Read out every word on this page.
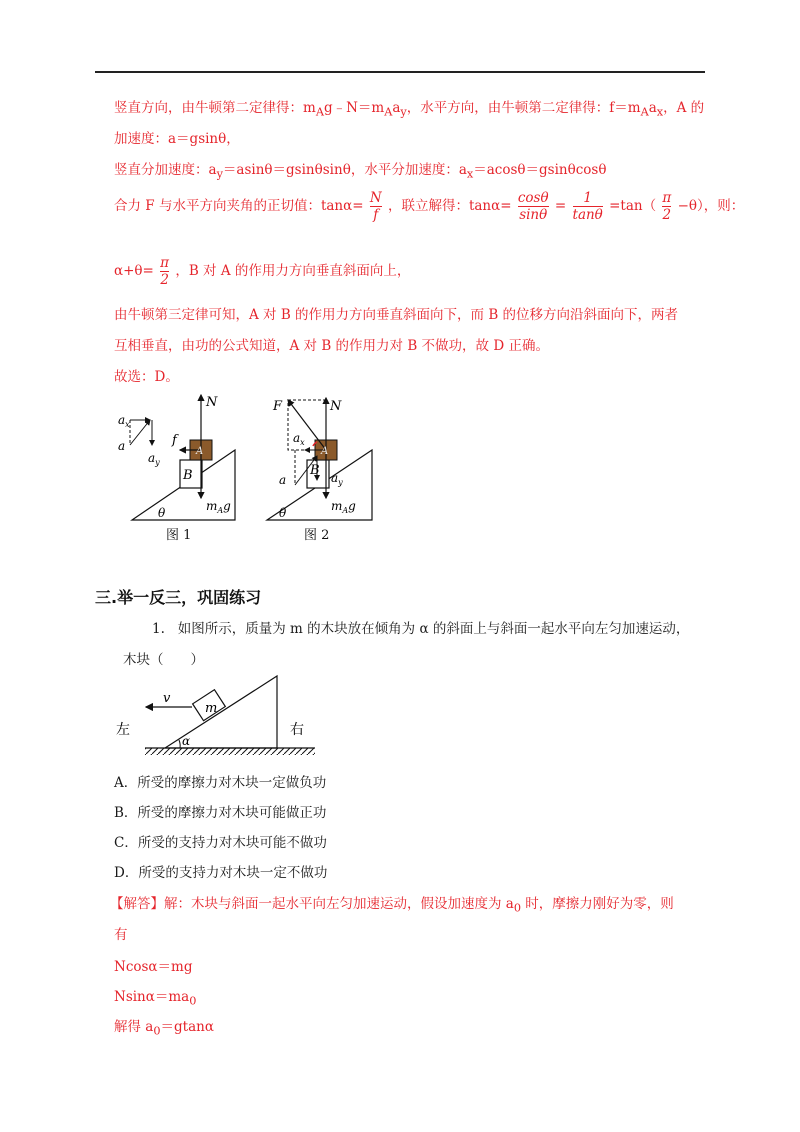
竖直方向，由牛顿第二定律得：$m_Ag﹣N=m_Aa_y$，水平方向，由牛顿第二定律得：$f=m_Aa_x$，A 的
加速度：a＝gsinθ，
竖直分加速度：$a_y=asin\theta=gsin\theta\sin\theta$，水平分加速度：$a_x=acos\theta=gsin\theta\cos\theta$
合力 F 与水平方向夹角的正切值：$\tan\alpha= \frac{N}{f}$ ，联立解得：$\tan\alpha= \frac{\cos\theta}{\sin\theta} = \frac{1}{\tan\theta} =\tan( \frac{\pi}{2} -\theta)$，则：
$\alpha+\theta= \frac{\pi}{2}$ ，B 对 A 的作用力方向垂直斜面向上，
由牛顿第三定律可知，A 对 B 的作用力方向垂直斜面向下，而 B 的位移方向沿斜面向下，两者
互相垂直，由功的公式知道，A 对 B 的作用力对 B 不做功，故 D 正确。
故选：D。
N
f
$a_x$
a
$a_y$
B
A
$m_Ag$
θ
图 1
F	N
$a_x$
a	$a_y$
B
A
$m_Ag$
θ
图 2
三.举一反三，巩固练习
1. 如图所示，质量为 m 的木块放在倾角为 α 的斜面上与斜面一起水平向左匀加速运动，
木块（　　）
m
v
左	右
α
A．所受的摩擦力对木块一定做负功
B．所受的摩擦力对木块可能做正功
C．所受的支持力对木块可能不做功
D．所受的支持力对木块一定不做功
【解答】解：木块与斜面一起水平向左匀加速运动，假设加速度为 $a_0$ 时，摩擦力刚好为零，则
有
Ncosα＝mg
$Nsin\alpha=ma_0$
解得 $a_0=gtan\alpha$
